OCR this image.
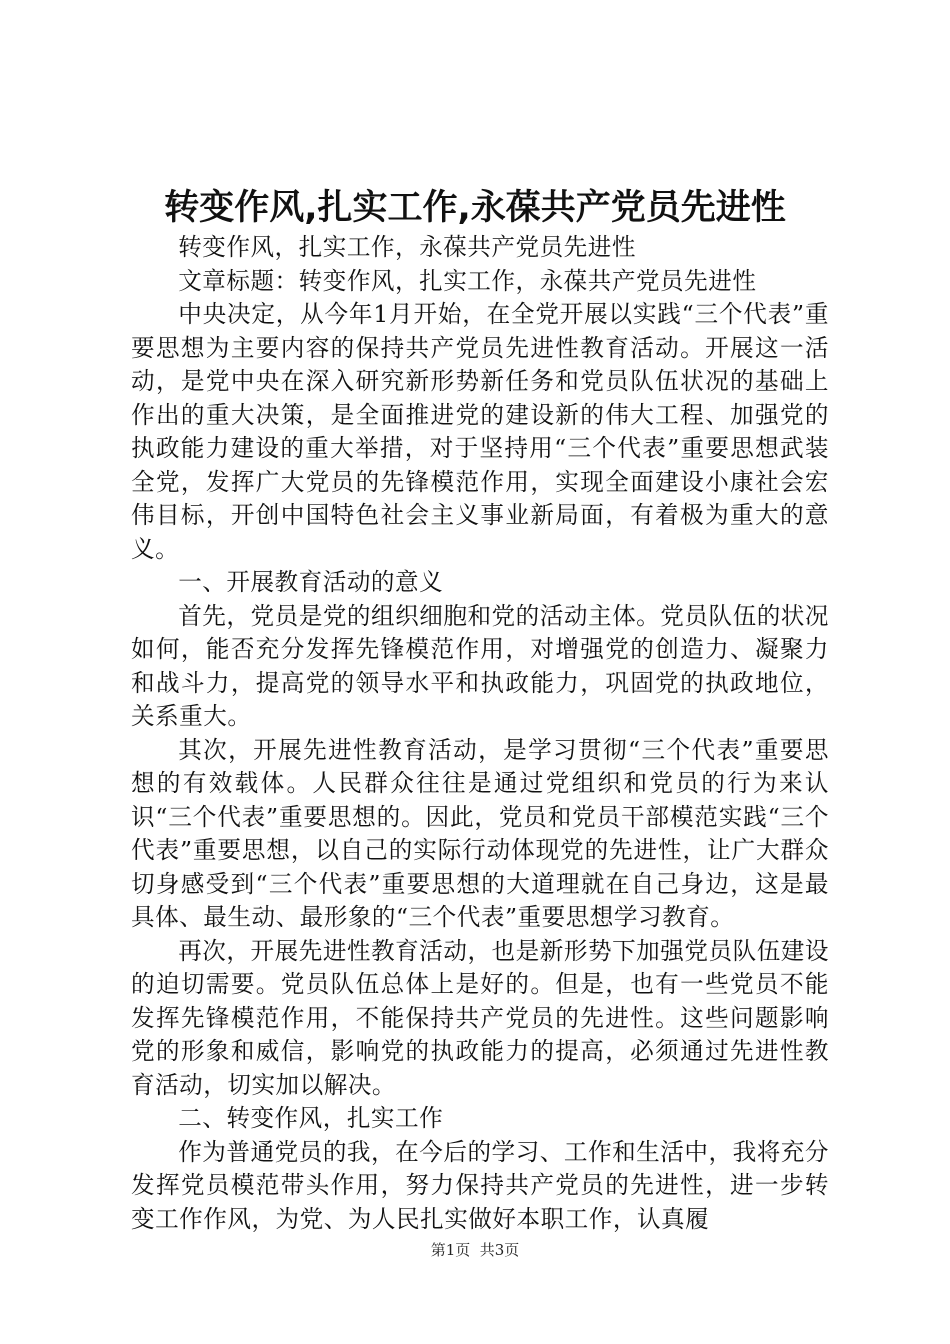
转变作风,扎实工作,永葆共产党员先进性

转变作风，扎实工作，永葆共产党员先进性

文章标题：转变作风，扎实工作，永葆共产党员先进性

中央决定，从今年1月开始，在全党开展以实践“三个代表”重要思想为主要内容的保持共产党员先进性教育活动。开展这一活动，是党中央在深入研究新形势新任务和党员队伍状况的基础上作出的重大决策，是全面推进党的建设新的伟大工程、加强党的执政能力建设的重大举措，对于坚持用“三个代表”重要思想武装全党，发挥广大党员的先锋模范作用，实现全面建设小康社会宏伟目标，开创中国特色社会主义事业新局面，有着极为重大的意义。

一、开展教育活动的意义

首先，党员是党的组织细胞和党的活动主体。党员队伍的状况如何，能否充分发挥先锋模范作用，对增强党的创造力、凝聚力和战斗力，提高党的领导水平和执政能力，巩固党的执政地位，关系重大。

其次，开展先进性教育活动，是学习贯彻“三个代表”重要思想的有效载体。人民群众往往是通过党组织和党员的行为来认识“三个代表”重要思想的。因此，党员和党员干部模范实践“三个代表”重要思想，以自己的实际行动体现党的先进性，让广大群众切身感受到“三个代表”重要思想的大道理就在自己身边，这是最具体、最生动、最形象的“三个代表”重要思想学习教育。

再次，开展先进性教育活动，也是新形势下加强党员队伍建设的迫切需要。党员队伍总体上是好的。但是，也有一些党员不能发挥先锋模范作用，不能保持共产党员的先进性。这些问题影响党的形象和威信，影响党的执政能力的提高，必须通过先进性教育活动，切实加以解决。

二、转变作风，扎实工作

作为普通党员的我，在今后的学习、工作和生活中，我将充分发挥党员模范带头作用，努力保持共产党员的先进性，进一步转变工作作风，为党、为人民扎实做好本职工作，认真履

第1页  共3页
